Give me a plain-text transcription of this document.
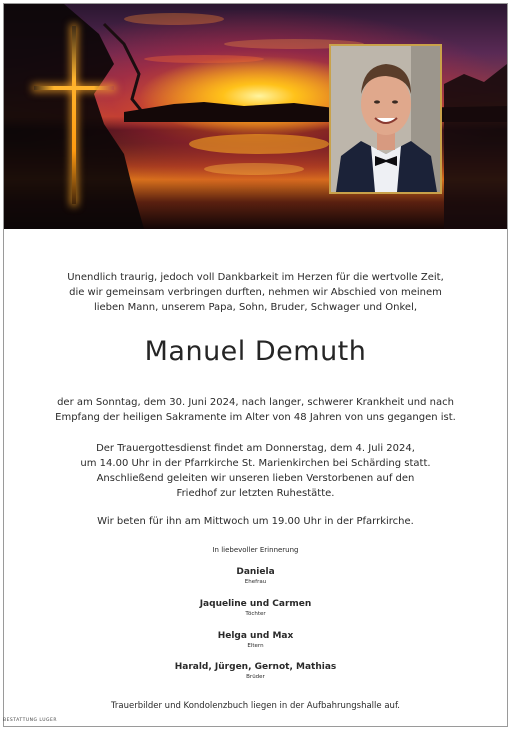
Unendlich traurig, jedoch voll Dankbarkeit im Herzen für die wertvolle Zeit,
die wir gemeinsam verbringen durften, nehmen wir Abschied von meinem
lieben Mann, unserem Papa, Sohn, Bruder, Schwager und Onkel,
Manuel Demuth
der am Sonntag, dem 30. Juni 2024, nach langer, schwerer Krankheit und nach
Empfang der heiligen Sakramente im Alter von 48 Jahren von uns gegangen ist.
Der Trauergottesdienst findet am Donnerstag, dem 4. Juli 2024,
um 14.00 Uhr in der Pfarrkirche St. Marienkirchen bei Schärding statt.
Anschließend geleiten wir unseren lieben Verstorbenen auf den
Friedhof zur letzten Ruhestätte.
Wir beten für ihn am Mittwoch um 19.00 Uhr in der Pfarrkirche.
In liebevoller Erinnerung
Daniela
Ehefrau
Jaqueline und Carmen
Töchter
Helga und Max
Eltern
Harald, Jürgen, Gernot, Mathias
Brüder
Trauerbilder und Kondolenzbuch liegen in der Aufbahrungshalle auf.
BESTATTUNG LUGER
